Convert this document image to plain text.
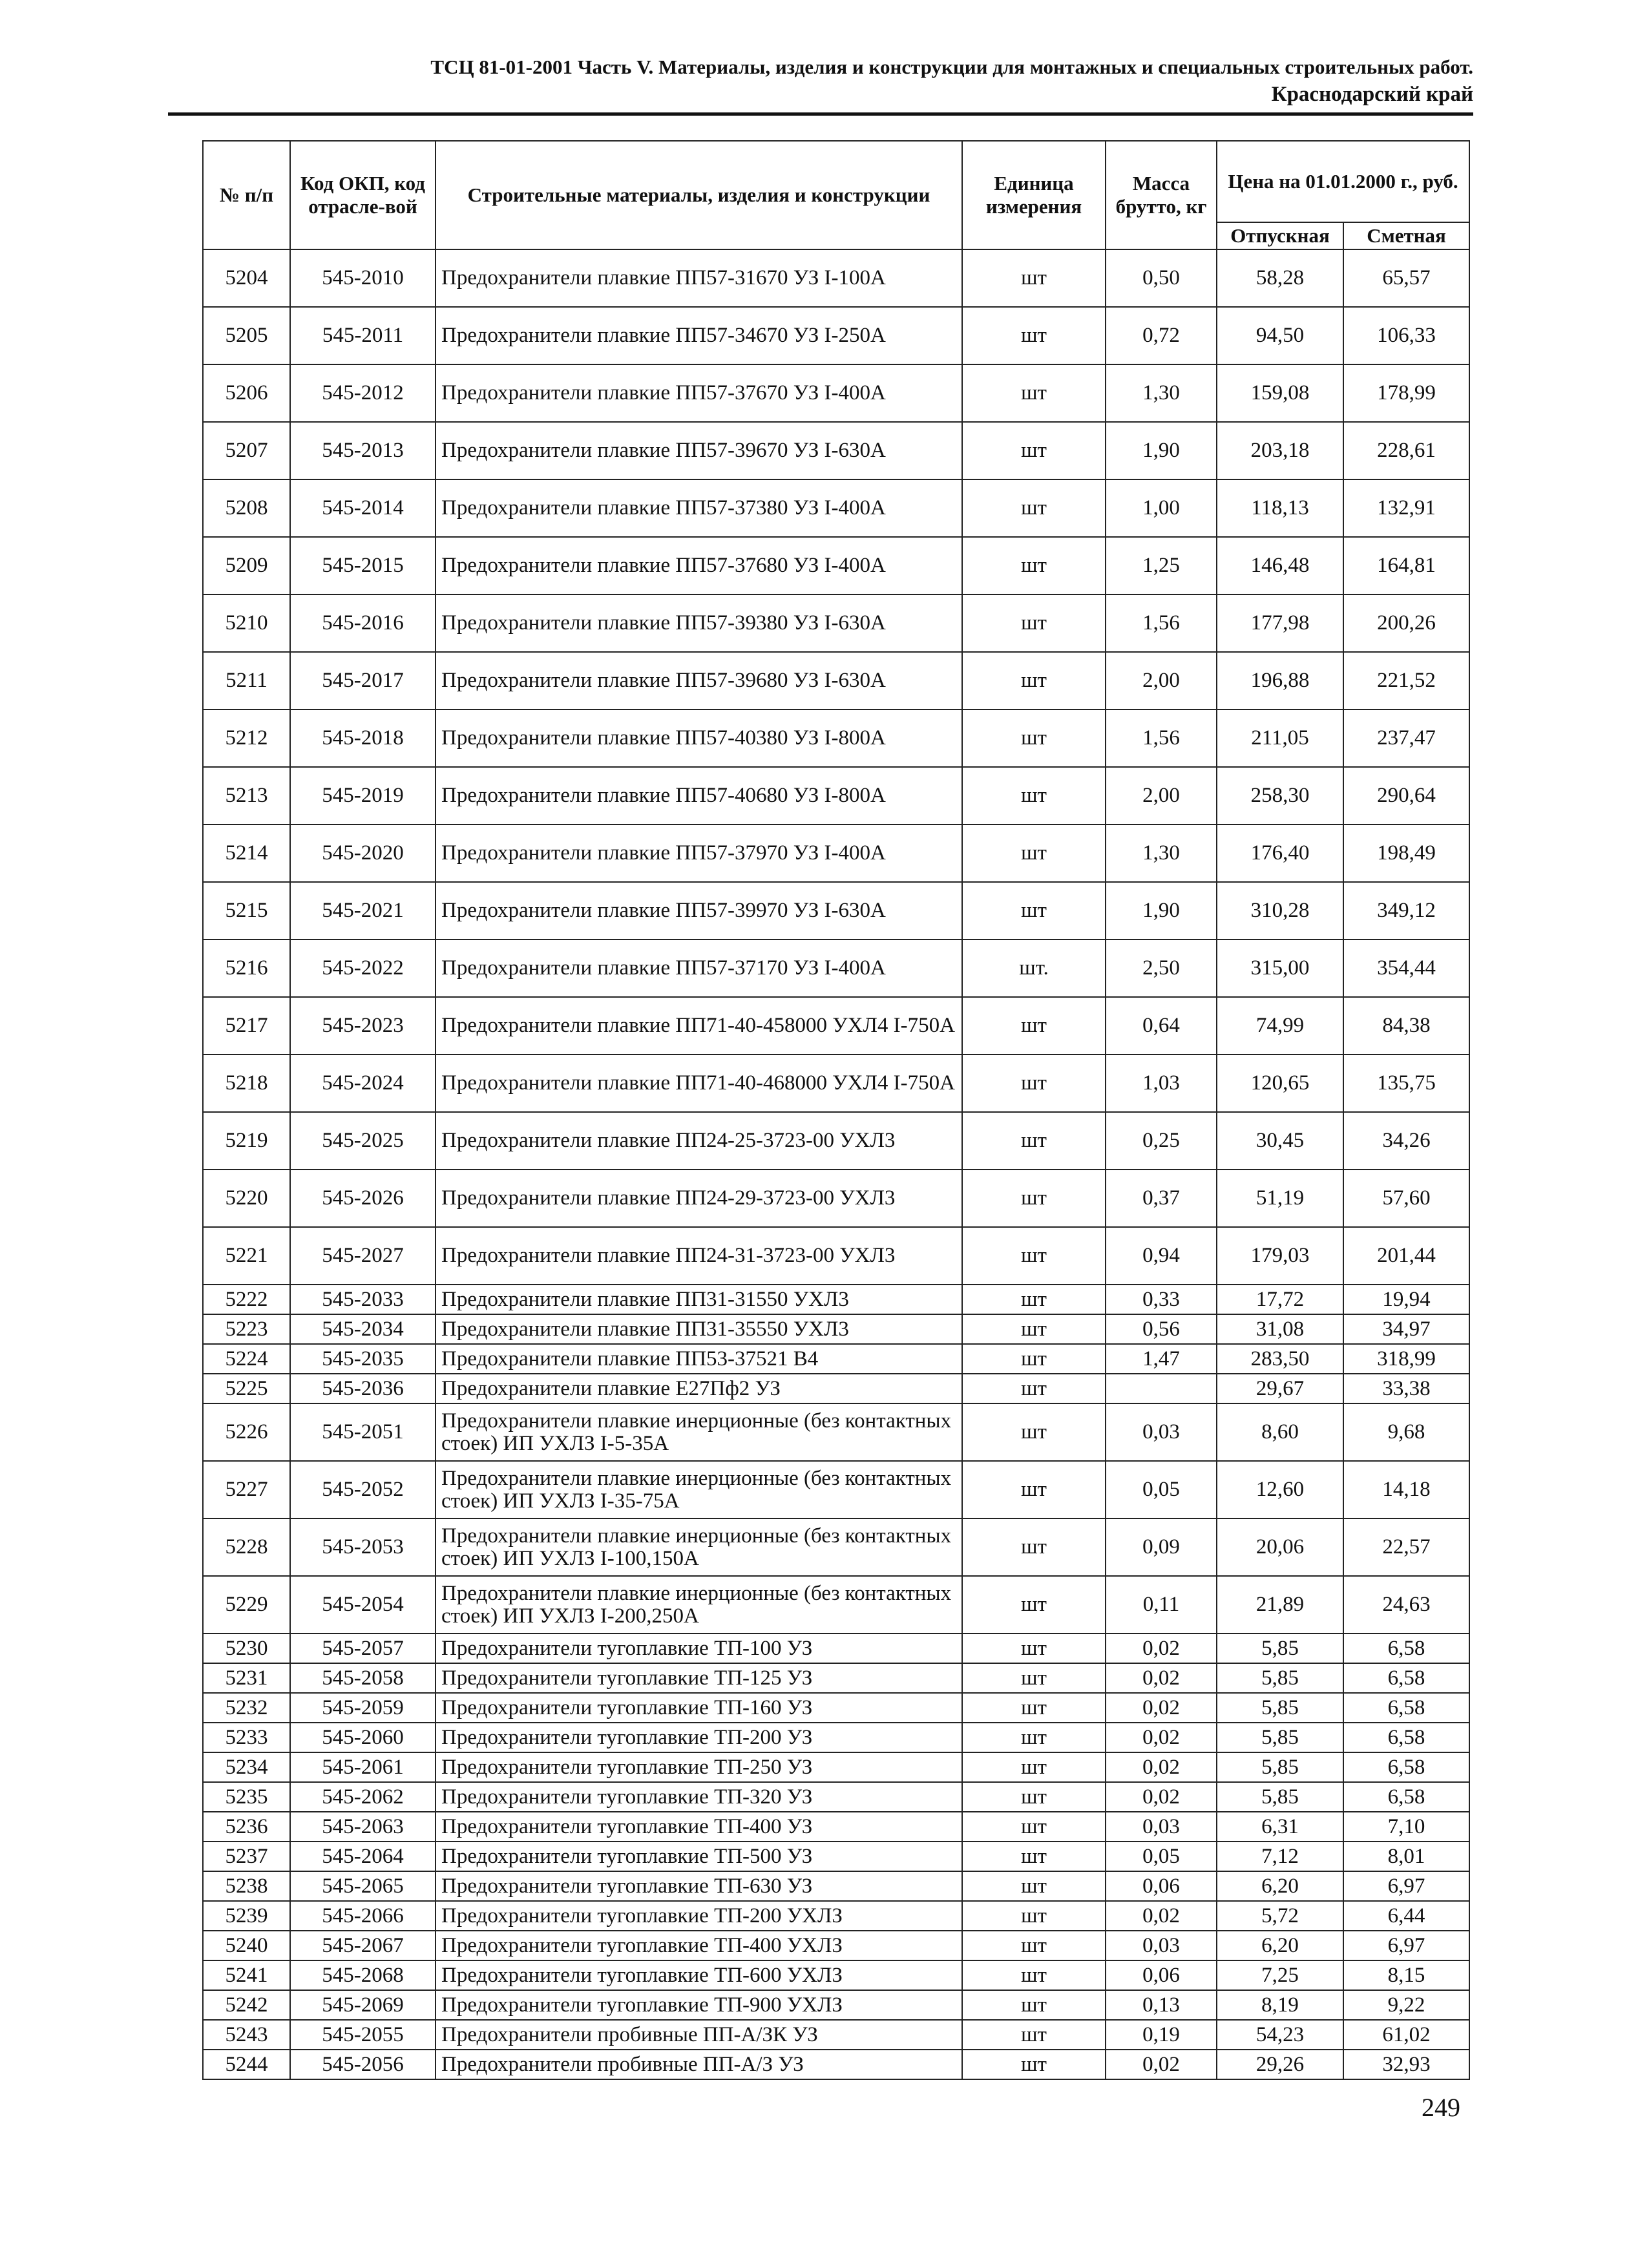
ТСЦ 81-01-2001 Часть V. Материалы, изделия и конструкции для монтажных и специальных строительных работ.
Краснодарский край
№ п/п	Код ОКП, код отрасле-вой	Строительные материалы, изделия и конструкции	Единица измерения	Масса брутто, кг	Цена на 01.01.2000 г., руб.	
					Отпускная	Сметная
5204	545-2010	Предохранители плавкие ПП57-31670 УЗ I-100А	шт	0,50	58,28	65,57
5205	545-2011	Предохранители плавкие ПП57-34670 УЗ I-250А	шт	0,72	94,50	106,33
5206	545-2012	Предохранители плавкие ПП57-37670 УЗ I-400А	шт	1,30	159,08	178,99
5207	545-2013	Предохранители плавкие ПП57-39670 УЗ I-630А	шт	1,90	203,18	228,61
5208	545-2014	Предохранители плавкие ПП57-37380 УЗ I-400А	шт	1,00	118,13	132,91
5209	545-2015	Предохранители плавкие ПП57-37680 УЗ I-400А	шт	1,25	146,48	164,81
5210	545-2016	Предохранители плавкие ПП57-39380 УЗ I-630А	шт	1,56	177,98	200,26
5211	545-2017	Предохранители плавкие ПП57-39680 УЗ I-630А	шт	2,00	196,88	221,52
5212	545-2018	Предохранители плавкие ПП57-40380 УЗ I-800А	шт	1,56	211,05	237,47
5213	545-2019	Предохранители плавкие ПП57-40680 УЗ I-800А	шт	2,00	258,30	290,64
5214	545-2020	Предохранители плавкие ПП57-37970 УЗ I-400А	шт	1,30	176,40	198,49
5215	545-2021	Предохранители плавкие ПП57-39970 УЗ I-630А	шт	1,90	310,28	349,12
5216	545-2022	Предохранители плавкие ПП57-37170 УЗ I-400А	шт.	2,50	315,00	354,44
5217	545-2023	Предохранители плавкие ПП71-40-458000 УХЛ4 I-750А	шт	0,64	74,99	84,38
5218	545-2024	Предохранители плавкие ПП71-40-468000 УХЛ4 I-750А	шт	1,03	120,65	135,75
5219	545-2025	Предохранители плавкие ПП24-25-3723-00 УХЛ3	шт	0,25	30,45	34,26
5220	545-2026	Предохранители плавкие ПП24-29-3723-00 УХЛ3	шт	0,37	51,19	57,60
5221	545-2027	Предохранители плавкие ПП24-31-3723-00 УХЛ3	шт	0,94	179,03	201,44
5222	545-2033	Предохранители плавкие ПП31-31550 УХЛ3	шт	0,33	17,72	19,94
5223	545-2034	Предохранители плавкие ПП31-35550 УХЛ3	шт	0,56	31,08	34,97
5224	545-2035	Предохранители плавкие ПП53-37521 В4	шт	1,47	283,50	318,99
5225	545-2036	Предохранители плавкие Е27Пф2 УЗ	шт		29,67	33,38
5226	545-2051	Предохранители плавкие инерционные (без контактных стоек) ИП УХЛЗ I-5-35А	шт	0,03	8,60	9,68
5227	545-2052	Предохранители плавкие инерционные (без контактных стоек) ИП УХЛЗ I-35-75А	шт	0,05	12,60	14,18
5228	545-2053	Предохранители плавкие инерционные (без контактных стоек) ИП УХЛЗ I-100,150А	шт	0,09	20,06	22,57
5229	545-2054	Предохранители плавкие инерционные (без контактных стоек) ИП УХЛЗ I-200,250А	шт	0,11	21,89	24,63
5230	545-2057	Предохранители тугоплавкие ТП-100 УЗ	шт	0,02	5,85	6,58
5231	545-2058	Предохранители тугоплавкие ТП-125 УЗ	шт	0,02	5,85	6,58
5232	545-2059	Предохранители тугоплавкие ТП-160 УЗ	шт	0,02	5,85	6,58
5233	545-2060	Предохранители тугоплавкие ТП-200 УЗ	шт	0,02	5,85	6,58
5234	545-2061	Предохранители тугоплавкие ТП-250 УЗ	шт	0,02	5,85	6,58
5235	545-2062	Предохранители тугоплавкие ТП-320 УЗ	шт	0,02	5,85	6,58
5236	545-2063	Предохранители тугоплавкие ТП-400 УЗ	шт	0,03	6,31	7,10
5237	545-2064	Предохранители тугоплавкие ТП-500 УЗ	шт	0,05	7,12	8,01
5238	545-2065	Предохранители тугоплавкие ТП-630 УЗ	шт	0,06	6,20	6,97
5239	545-2066	Предохранители тугоплавкие ТП-200 УХЛЗ	шт	0,02	5,72	6,44
5240	545-2067	Предохранители тугоплавкие ТП-400 УХЛЗ	шт	0,03	6,20	6,97
5241	545-2068	Предохранители тугоплавкие ТП-600 УХЛЗ	шт	0,06	7,25	8,15
5242	545-2069	Предохранители тугоплавкие ТП-900 УХЛЗ	шт	0,13	8,19	9,22
5243	545-2055	Предохранители пробивные ПП-А/ЗК УЗ	шт	0,19	54,23	61,02
5244	545-2056	Предохранители пробивные ПП-А/З УЗ	шт	0,02	29,26	32,93
249
